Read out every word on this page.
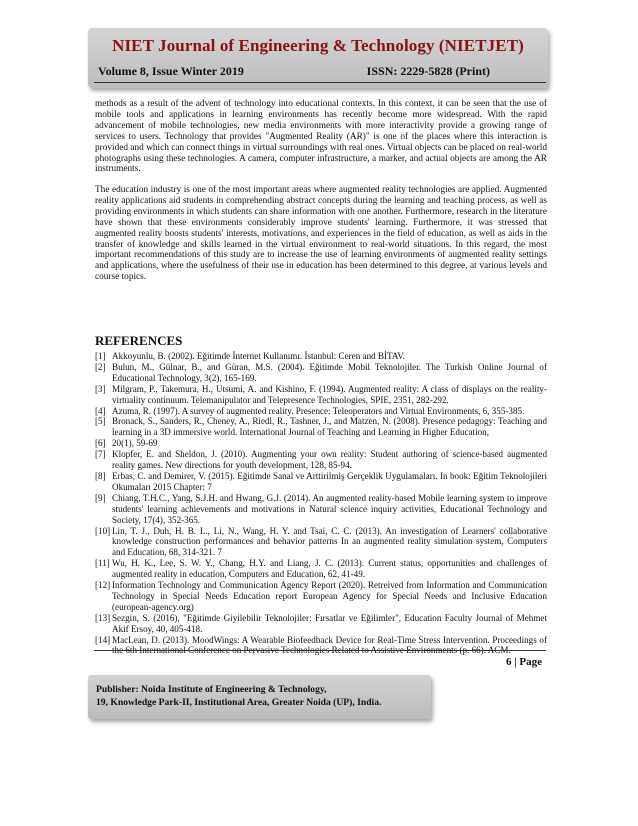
NIET Journal of Engineering & Technology (NIETJET)
Volume 8, Issue Winter 2019	ISSN: 2229-5828 (Print)

methods as a result of the advent of technology into educational contexts. In this context, it can be seen that the use of mobile tools and applications in learning environments has recently become more widespread. With the rapid advancement of mobile technologies, new media environments with more interactivity provide a growing range of services to users. Technology that provides "Augmented Reality (AR)" is one of the places where this interaction is provided and which can connect things in virtual surroundings with real ones. Virtual objects can be placed on real-world photographs using these technologies. A camera, computer infrastructure, a marker, and actual objects are among the AR instruments.

The education industry is one of the most important areas where augmented reality technologies are applied. Augmented reality applications aid students in comprehending abstract concepts during the learning and teaching process, as well as providing environments in which students can share information with one another. Furthermore, research in the literature have shown that these environments considerably improve students' learning. Furthermore, it was stressed that augmented reality boosts students' interests, motivations, and experiences in the field of education, as well as aids in the transfer of knowledge and skills learned in the virtual environment to real-world situations. In this regard, the most important recommendations of this study are to increase the use of learning environments of augmented reality settings and applications, where the usefulness of their use in education has been determined to this degree, at various levels and course topics.

REFERENCES
[1] Akkoyunlu, B. (2002). Eğitimde İnternet Kullanımı. İstanbul: Ceren and BİTAV.
[2] Bulun, M., Gülnar, B., and Güran, M.S. (2004). Eğitimde Mobil Teknolojiler. The Turkish Online Journal of Educational Technology, 3(2), 165-169.
[3] Milgram, P., Takemura, H., Utsumi, A. and Kishino, F. (1994). Augmented reality: A class of displays on the reality-virtuality continuum. Telemanipulator and Telepresence Technologies, SPIE, 2351, 282-292.
[4] Azuma, R. (1997). A survey of augmented reality. Presence: Teleoperators and Virtual Environments, 6, 355-385.
[5] Bronack, S., Sanders, R., Cheney, A., Riedl, R., Tashner, J., and Matzen, N. (2008). Presence pedagogy: Teaching and learning in a 3D immersive world. International Journal of Teaching and Learning in Higher Education,
[6] 20(1), 59-69
[7] Klopfer, E. and Sheldon, J. (2010). Augmenting your own reality: Student authoring of science-based augmented reality games. New directions for youth development, 128, 85-94.
[8] Erbas, C. and Demirer, V. (2015). Eğitimde Sanal ve Arttirilmiş Gerçeklik Uygulamaları. In book: Eğitim Teknolojileri Okumaları 2015 Chapter: 7
[9] Chiang, T.H.C., Yang, S.J.H. and Hwang, G.J. (2014). An augmented reality-based Mobile learning system to improve students' learning achievements and motivations in Natural science inquiry activities, Educational Technology and Society, 17(4), 352-365.
[10] Lin, T. J., Duh, H. B. L., Li, N., Wang, H. Y. and Tsai, C. C. (2013). An investigation of Learners' collaborative knowledge construction performances and behavior patterns In an augmented reality simulation system, Computers and Education, 68, 314-321. 7
[11] Wu, H. K., Lee, S. W. Y., Chang, H.Y. and Liang, J. C. (2013). Current status, opportunities and challenges of augmented reality in education, Computers and Education, 62, 41-49.
[12] Information Technology and Communication Agency Report (2020). Retreived from Information and Communication Technology in Special Needs Education report European Agency for Special Needs and Inclusive Education (european-agency.org)
[13] Sezgin, S. (2016), "Eğitimde Giyilebilir Teknolojiler: Fırsatlar ve Eğilimler", Education Faculty Journal of Mehmet Akif Ersoy, 40, 405-418.
[14] MacLean, D. (2013). MoodWings: A Wearable Biofeedback Device for Real-Time Stress Intervention. Proceedings of the 6th International Conference on Pervasive Technologies Related to Assistive Environments (p. 66). ACM.
6 | Page
Publisher: Noida Institute of Engineering & Technology,
19, Knowledge Park-II, Institutional Area, Greater Noida (UP), India.
